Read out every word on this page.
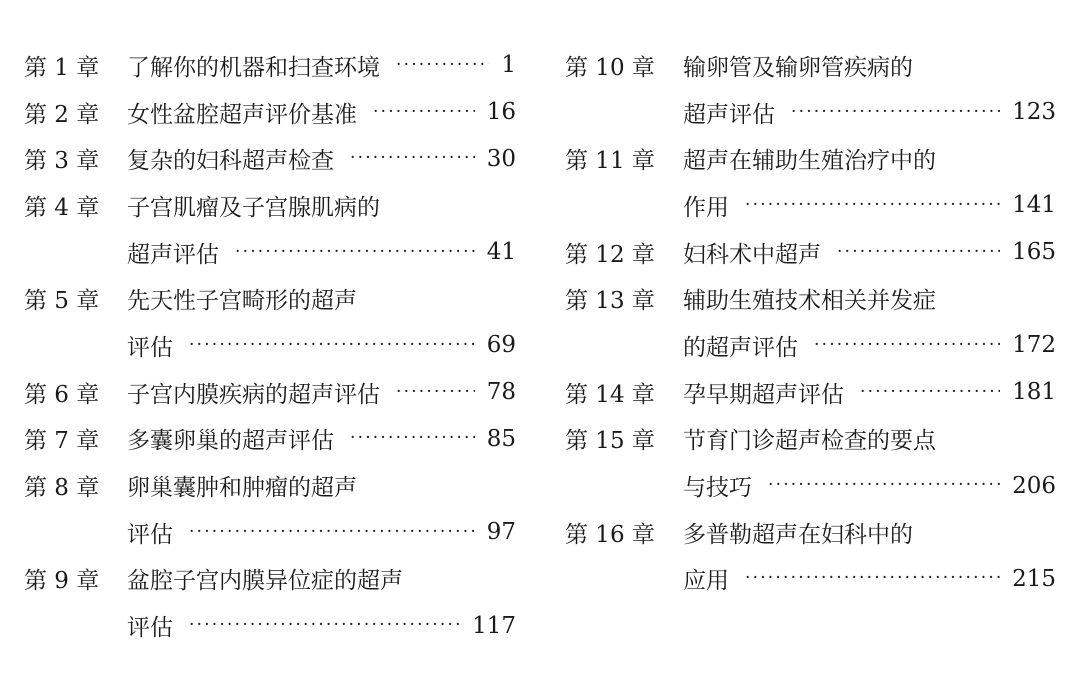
第 1 章 了解你的机器和扫查环境 ·····	1
第 2 章 女性盆腔超声评价基准 ·····	16
第 3 章 复杂的妇科超声检查 ·····	30
第 4 章 子宫肌瘤及子宫腺肌病的
超声评估 ·····	41
第 5 章 先天性子宫畸形的超声
评估 ·····	69
第 6 章 子宫内膜疾病的超声评估 ·····	78
第 7 章 多囊卵巢的超声评估 ·····	85
第 8 章 卵巢囊肿和肿瘤的超声
评估 ·····	97
第 9 章 盆腔子宫内膜异位症的超声
评估 ·····	117
第 10 章 输卵管及输卵管疾病的
超声评估 ·····	123
第 11 章 超声在辅助生殖治疗中的
作用 ·····	141
第 12 章 妇科术中超声 ·····	165
第 13 章 辅助生殖技术相关并发症
的超声评估 ·····	172
第 14 章 孕早期超声评估 ·····	181
第 15 章 节育门诊超声检查的要点
与技巧 ·····	206
第 16 章 多普勒超声在妇科中的
应用 ·····	215
